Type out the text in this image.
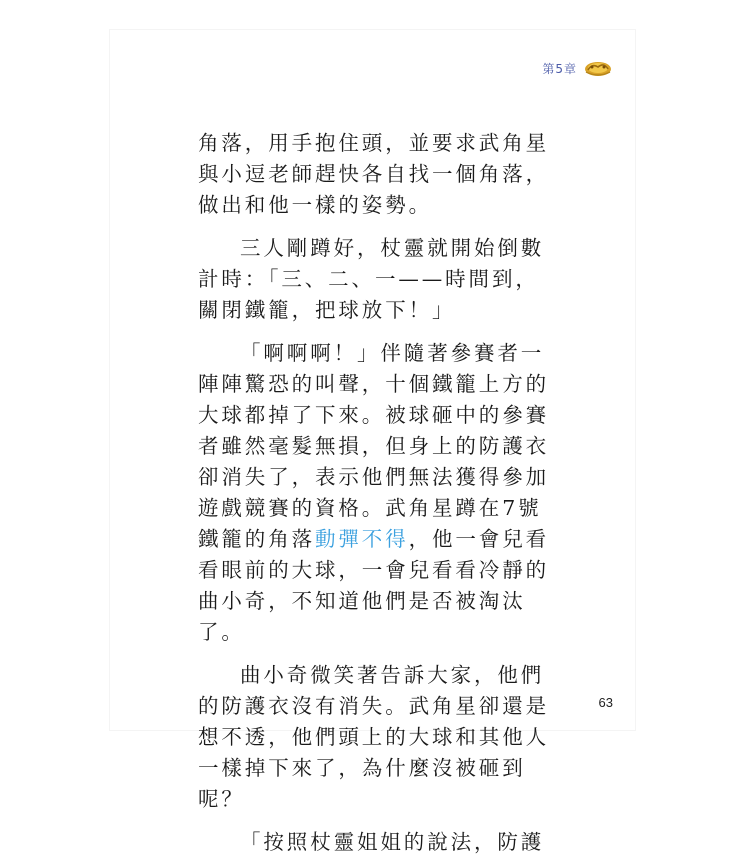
第5章
角落，用手抱住頭，並要求武角星
與小逗老師趕快各自找一個角落，
做出和他一樣的姿勢。
三人剛蹲好，杖靈就開始倒數
計時：「三、二、一——時間到，
關閉鐵籠，把球放下！」
「啊啊啊！」伴隨著參賽者一
陣陣驚恐的叫聲，十個鐵籠上方的
大球都掉了下來。被球砸中的參賽
者雖然毫髮無損，但身上的防護衣
卻消失了，表示他們無法獲得參加
遊戲競賽的資格。武角星蹲在7號
鐵籠的角落動彈不得，他一會兒看
看眼前的大球，一會兒看看冷靜的
曲小奇，不知道他們是否被淘汰
了。
曲小奇微笑著告訴大家，他們
的防護衣沒有消失。武角星卻還是
想不透，他們頭上的大球和其他人
一樣掉下來了，為什麼沒被砸到
呢？
「按照杖靈姐姐的說法，防護
63
